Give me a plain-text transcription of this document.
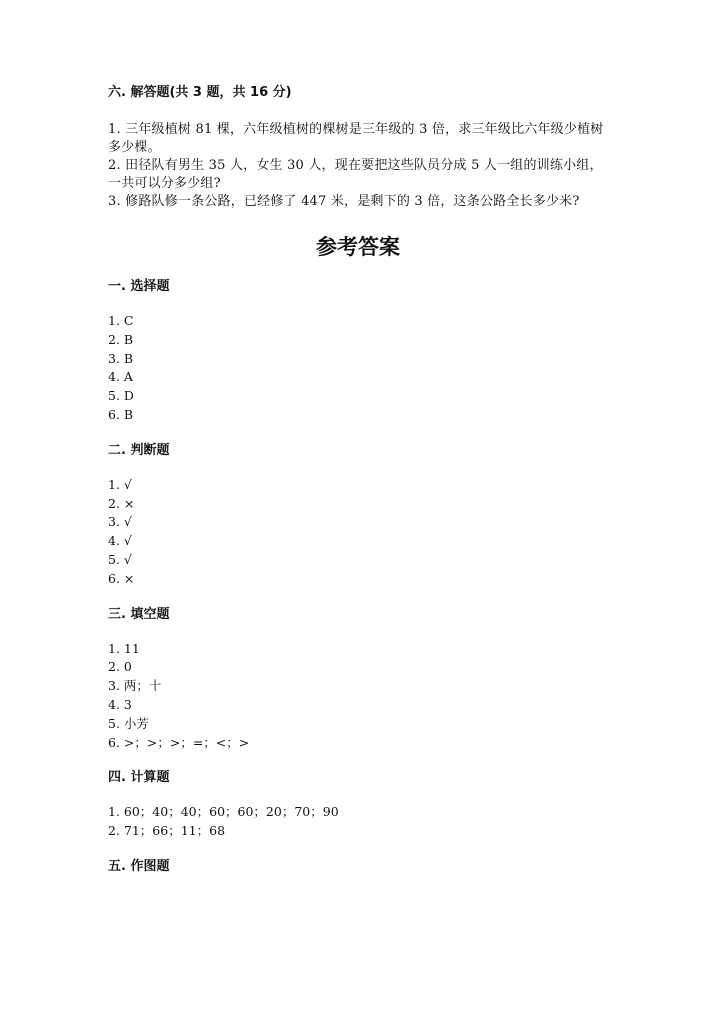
六. 解答题(共 3 题，共 16 分)

1. 三年级植树 81 棵，六年级植树的棵树是三年级的 3 倍，求三年级比六年级少植树多少棵。

2. 田径队有男生 35 人，女生 30 人，现在要把这些队员分成 5 人一组的训练小组，一共可以分多少组?

3. 修路队修一条公路，已经修了 447 米，是剩下的 3 倍，这条公路全长多少米?

参考答案

一. 选择题

1. C
2. B
3. B
4. A
5. D
6. B

二. 判断题

1. √
2. ×
3. √
4. √
5. √
6. ×

三. 填空题

1. 11
2. 0
3. 两；十
4. 3
5. 小芳
6. >；>；>；=；<；>

四. 计算题

1. 60；40；40；60；60；20；70；90
2. 71；66；11；68

五. 作图题
